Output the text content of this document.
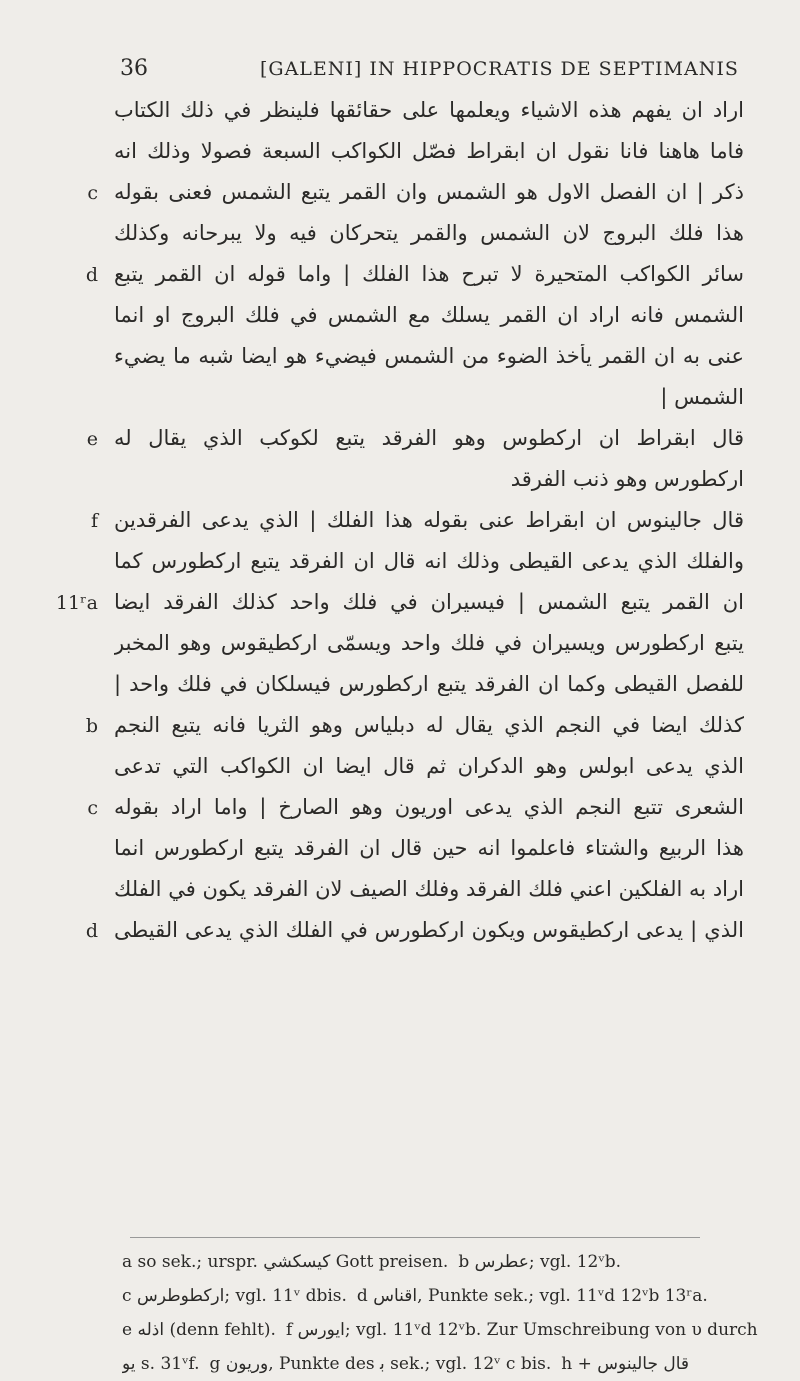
36	[GALENI] IN HIPPOCRATIS DE SEPTIMANIS
اراد ان يفهم هذه الاشياء ويعلمها على حقائقها فلينظر في ذلك الكتاب
فاما هاهنا فانا نقول ان ابقراط فصّل الكواكب السبعة فصولا وذلك انه
c ذكر | ان الفصل الاول هو الشمس وان القمر يتبع الشمس فعنى بقوله
هذا فلك البروج لان الشمس والقمر يتحركان فيه ولا يبرحانه وكذلك
d سائر الكواكب المتحيرة لا تبرح هذا الفلك | واما قوله ان القمر يتبع
الشمس فانه اراد ان القمر يسلك مع الشمس في فلك البروج او انما
عنى به ان القمر يأخذ الضوء من الشمس فيضيء هو ايضا شبه ما يضيء
الشمس |
e قال ابقراط ان اركطوس وهو الفرقد يتبع لكوكب الذي يقال له
اركطورس وهو ذنب الفرقد
f قال جالينوس ان ابقراط عنى بقوله هذا الفلك | الذي يدعى الفرقدين
والفلك الذي يدعى القيطى وذلك انه قال ان الفرقد يتبع اركطورس كما
11ʳa ان القمر يتبع الشمس | فيسيران في فلك واحد كذلك الفرقد ايضا
يتبع اركطورس ويسيران في فلك واحد ويسمّى اركطيقوس وهو المخبر
للفصل القيطى وكما ان الفرقد يتبع اركطورس فيسلكان في فلك واحد |
b كذلك ايضا في النجم الذي يقال له دبلياس وهو الثريا فانه يتبع النجم
الذي يدعى ابولس وهو الدكران ثم قال ايضا ان الكواكب التي تدعى
c الشعرى تتبع النجم الذي يدعى اوريون وهو الصارخ | واما اراد بقوله
هذا الربيع والشتاء فاعلموا انه حين قال ان الفرقد يتبع اركطورس انما
اراد به الفلكين اعني فلك الفرقد وفلك الصيف لان الفرقد يكون في الفلك
d الذي | يدعى اركطيقوس ويكون اركطورس في الفلك الذي يدعى القيطى
a so sek.; urspr. كيسكشي Gott preisen. b عطرس; vgl. 12ᵛb.
c اركطوطرس; vgl. 11ᵛ dbis. d اقناس, Punkte sek.; vgl. 11ᵛd 12ᵛb 13ʳa.
e اذله (denn fehlt). f ايورس; vgl. 11ᵛd 12ᵛb. Zur Umschreibung von υ durch
يو s. 31ᵛf. g وريون, Punkte des ﺑ sek.; vgl. 12ᵛ c bis. h + قال جالينوس
